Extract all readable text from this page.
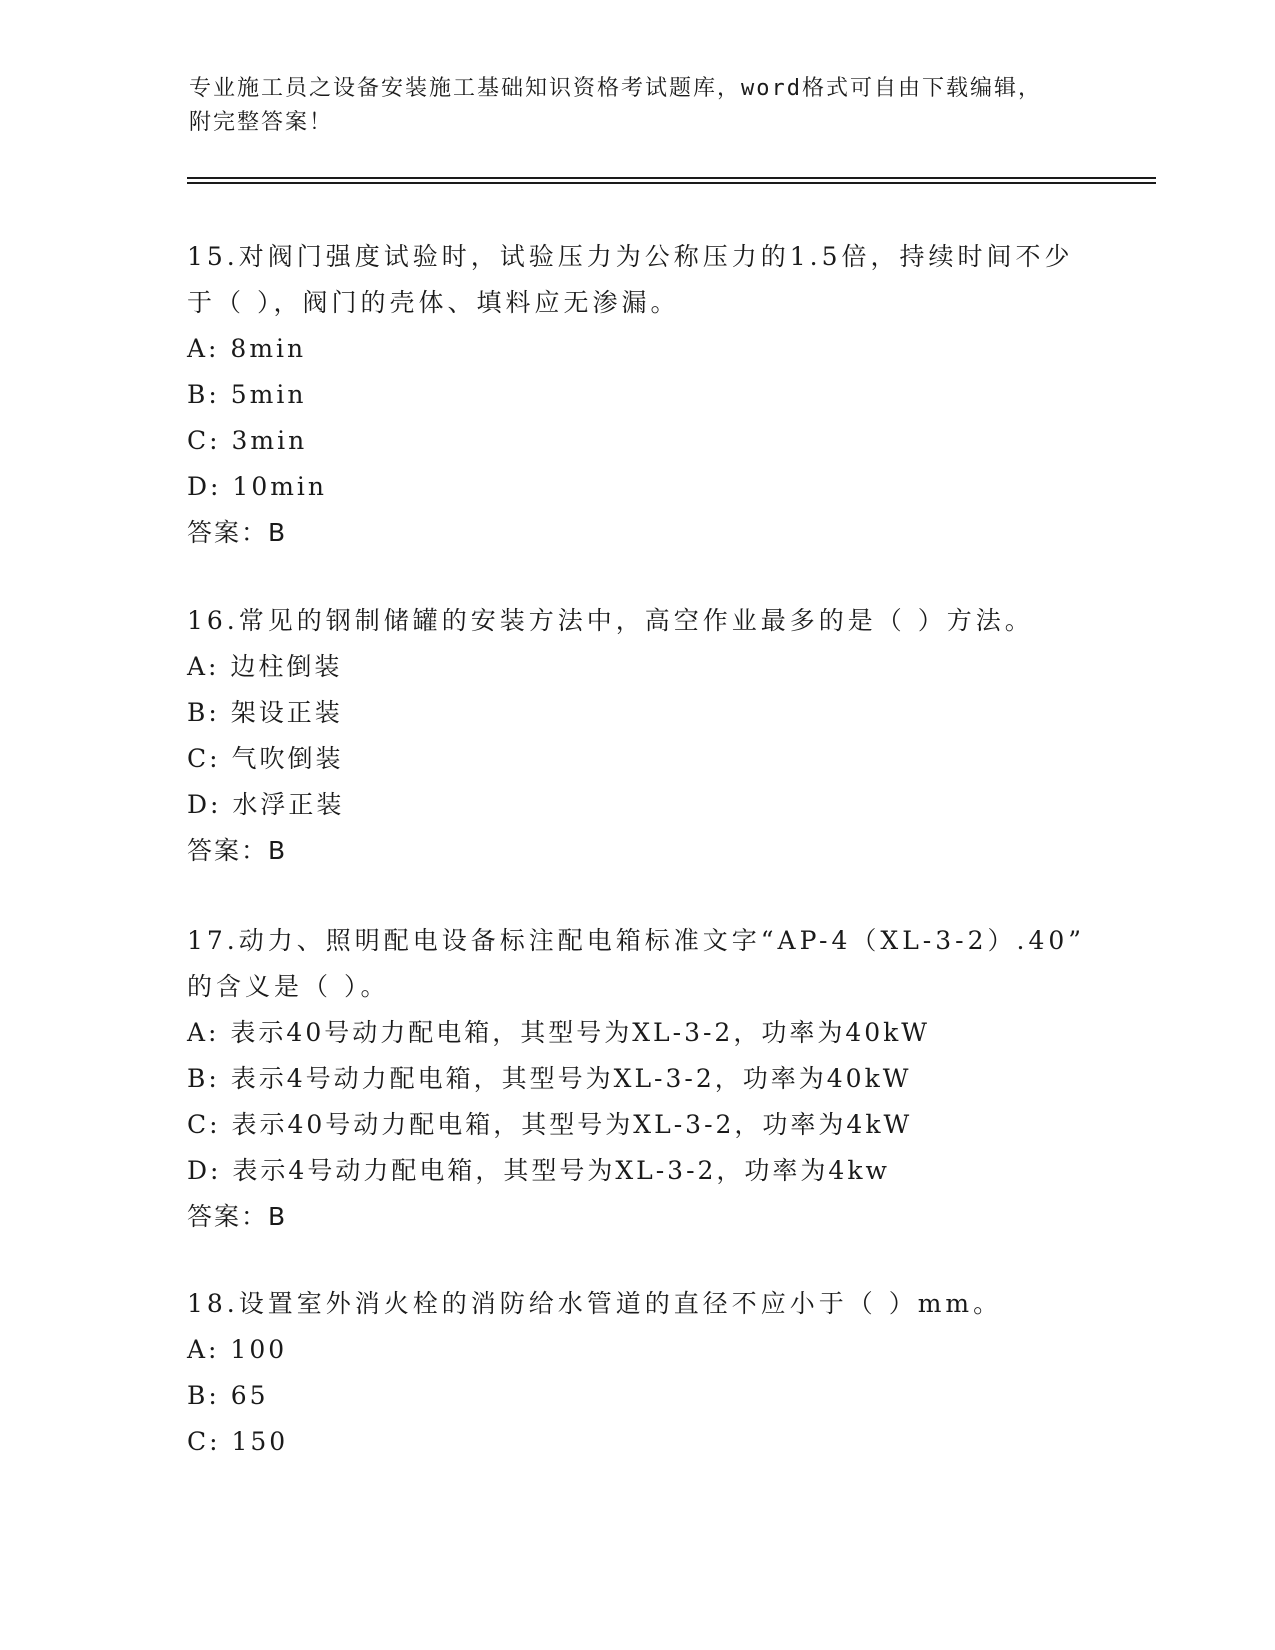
专业施工员之设备安装施工基础知识资格考试题库，word格式可自由下载编辑，
附完整答案！
15.对阀门强度试验时，试验压力为公称压力的1.5倍，持续时间不少
于（ ），阀门的壳体、填料应无渗漏。
A: 8min
B: 5min
C: 3min
D: 10min
答案：B
16.常见的钢制储罐的安装方法中，高空作业最多的是（ ）方法。
A: 边柱倒装
B: 架设正装
C: 气吹倒装
D: 水浮正装
答案：B
17.动力、照明配电设备标注配电箱标准文字“AP-4（XL-3-2）.40”
的含义是（ ）。
A: 表示40号动力配电箱，其型号为XL-3-2，功率为40kW
B: 表示4号动力配电箱，其型号为XL-3-2，功率为40kW
C: 表示40号动力配电箱，其型号为XL-3-2，功率为4kW
D: 表示4号动力配电箱，其型号为XL-3-2，功率为4kw
答案：B
18.设置室外消火栓的消防给水管道的直径不应小于（ ）mm。
A: 100
B: 65
C: 150
